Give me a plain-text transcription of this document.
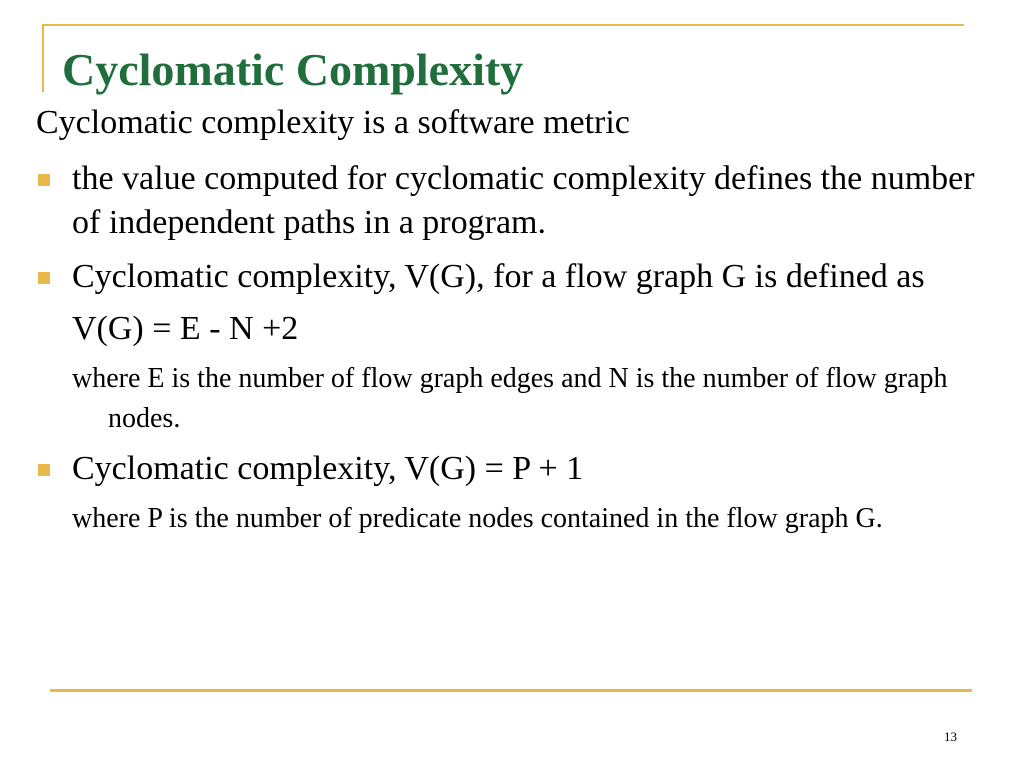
Cyclomatic Complexity

Cyclomatic complexity is a software metric

the value computed for cyclomatic complexity defines the number of independent paths in a program.
Cyclomatic complexity, V(G), for a flow graph G is defined as
V(G) = E - N +2
where E is the number of flow graph edges and N is the number of flow graph nodes.
Cyclomatic complexity, V(G) = P + 1
where P is the number of predicate nodes contained in the flow graph G.
13
